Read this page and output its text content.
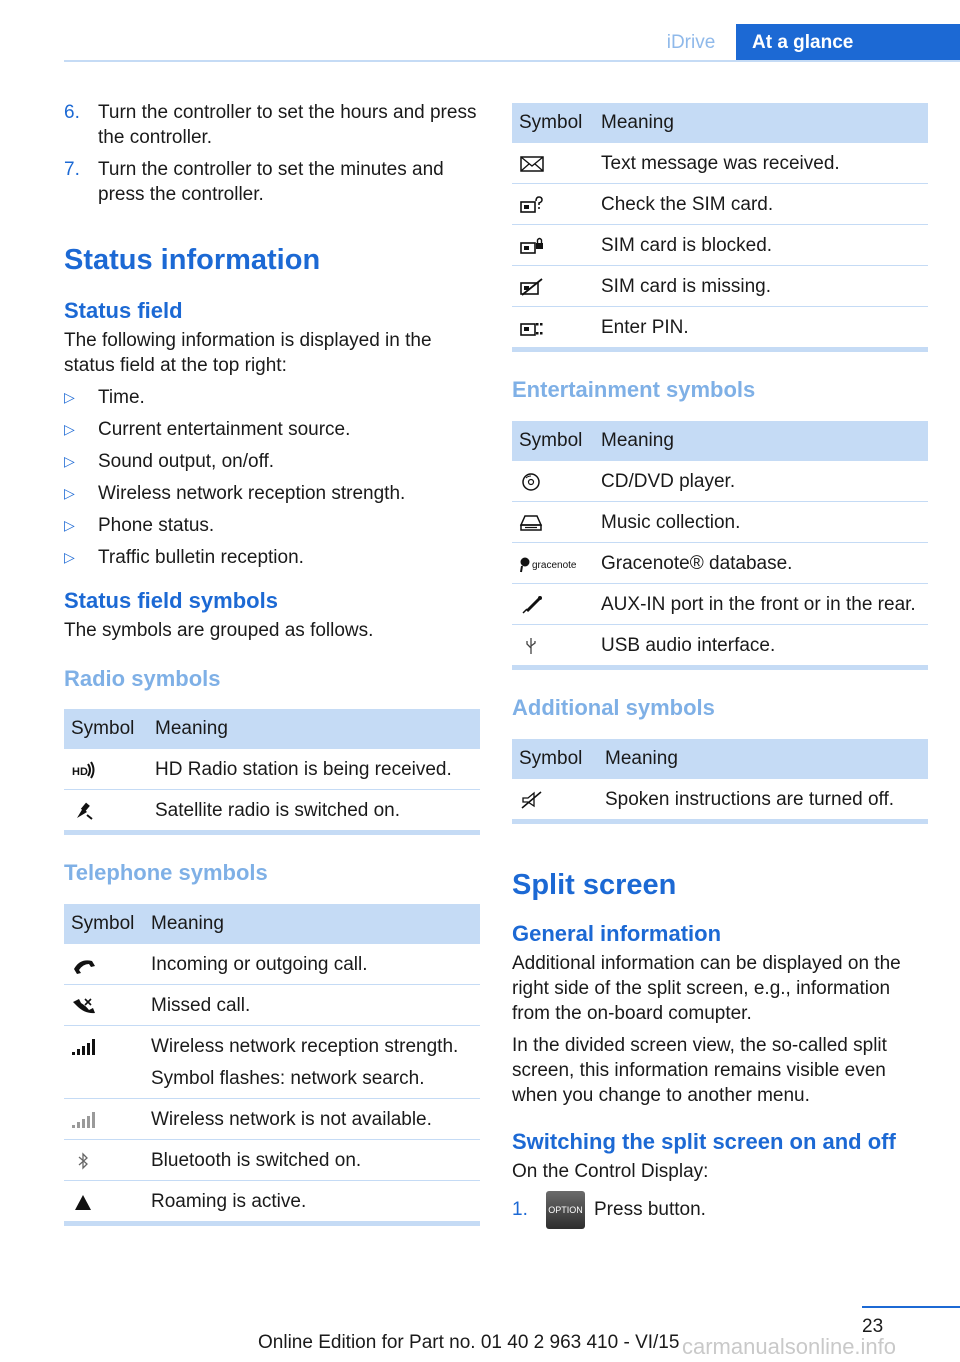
iDrive	At a glance
6. Turn the controller to set the hours and press the controller.
7. Turn the controller to set the minutes and press the controller.
Status information
Status field

The following information is displayed in the status field at the top right:

▷	Time.
▷	Current entertainment source.
▷	Sound output, on/off.
▷	Wireless network reception strength.
▷	Phone status.
▷	Traffic bulletin reception.
Status field symbols

The symbols are grouped as follows.

Radio symbols
Symbol	Meaning

HD	HD Radio station is being received.
	Satellite radio is switched on.
Telephone symbols
Symbol	Meaning
	Incoming or outgoing call.
	Missed call.

Wireless network reception strength.
Symbol flashes: network search.

	Wireless network is not available.
	Bluetooth is switched on.
	Roaming is active.
Symbol	Meaning
	Text message was received.
	Check the SIM card.
	SIM card is blocked.
	SIM card is missing.
	Enter PIN.
Entertainment symbols
Symbol	Meaning
	CD/DVD player.
	Music collection.

gracenote	Gracenote® database.
	AUX-IN port in the front or in the rear.
	USB audio interface.
Additional symbols
Symbol	Meaning
	Spoken instructions are turned off.
Split screen
General information

Additional information can be displayed on the right side of the split screen, e.g., information from the on-board comupter.

In the divided screen view, the so-called split screen, this information remains visible even when you change to another menu.

Switching the split screen on and off

On the Control Display:

1.	OPTION Press button.
23
Online Edition for Part no. 01 40 2 963 410 - VI/15 carmanualsonline.info
